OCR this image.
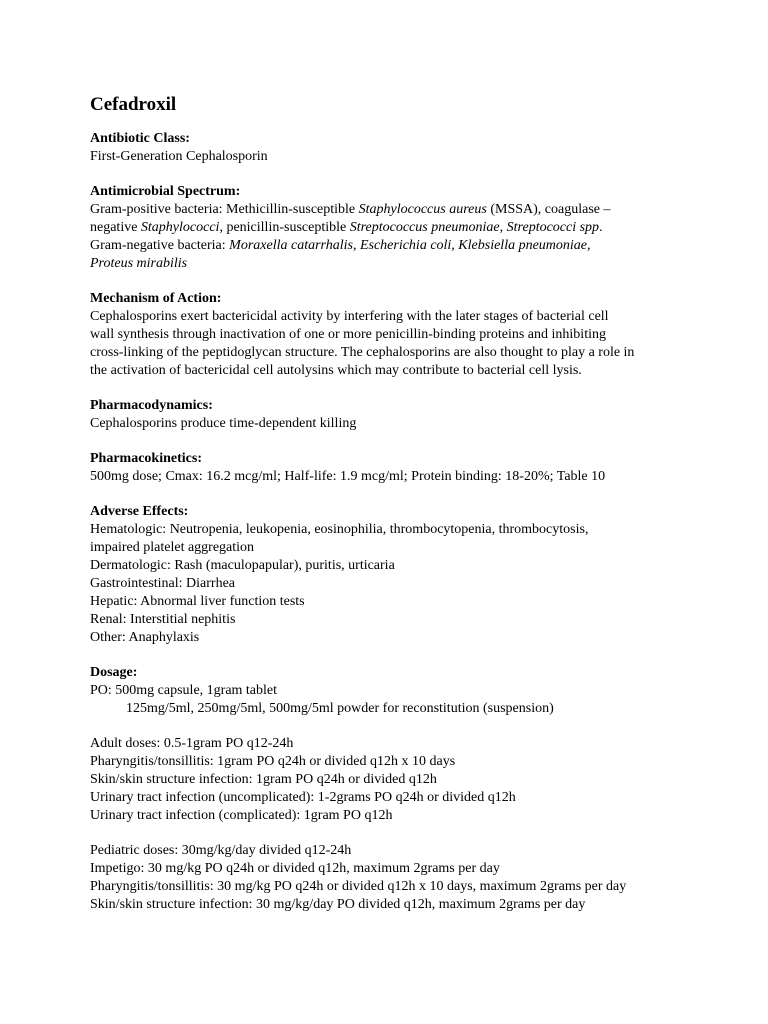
Cefadroxil
Antibiotic Class:
First-Generation Cephalosporin
Antimicrobial Spectrum:
Gram-positive bacteria: Methicillin-susceptible Staphylococcus aureus (MSSA), coagulase –
negative Staphylococci, penicillin-susceptible Streptococcus pneumoniae, Streptococci spp.
Gram-negative bacteria: Moraxella catarrhalis, Escherichia coli, Klebsiella pneumoniae,
Proteus mirabilis
Mechanism of Action:
Cephalosporins exert bactericidal activity by interfering with the later stages of bacterial cell
wall synthesis through inactivation of one or more penicillin-binding proteins and inhibiting
cross-linking of the peptidoglycan structure. The cephalosporins are also thought to play a role in
the activation of bactericidal cell autolysins which may contribute to bacterial cell lysis.
Pharmacodynamics:
Cephalosporins produce time-dependent killing
Pharmacokinetics:
500mg dose; Cmax: 16.2 mcg/ml; Half-life: 1.9 mcg/ml; Protein binding: 18-20%; Table 10
Adverse Effects:
Hematologic: Neutropenia, leukopenia, eosinophilia, thrombocytopenia, thrombocytosis,
impaired platelet aggregation
Dermatologic: Rash (maculopapular), puritis, urticaria
Gastrointestinal: Diarrhea
Hepatic: Abnormal liver function tests
Renal: Interstitial nephitis
Other: Anaphylaxis
Dosage:
PO: 500mg capsule, 1gram tablet
125mg/5ml, 250mg/5ml, 500mg/5ml powder for reconstitution (suspension)
Adult doses: 0.5-1gram PO q12-24h
Pharyngitis/tonsillitis: 1gram PO q24h or divided q12h x 10 days
Skin/skin structure infection: 1gram PO q24h or divided q12h
Urinary tract infection (uncomplicated): 1-2grams PO q24h or divided q12h
Urinary tract infection (complicated): 1gram PO q12h
Pediatric doses: 30mg/kg/day divided q12-24h
Impetigo: 30 mg/kg PO q24h or divided q12h, maximum 2grams per day
Pharyngitis/tonsillitis: 30 mg/kg PO q24h or divided q12h x 10 days, maximum 2grams per day
Skin/skin structure infection: 30 mg/kg/day PO divided q12h, maximum 2grams per day
